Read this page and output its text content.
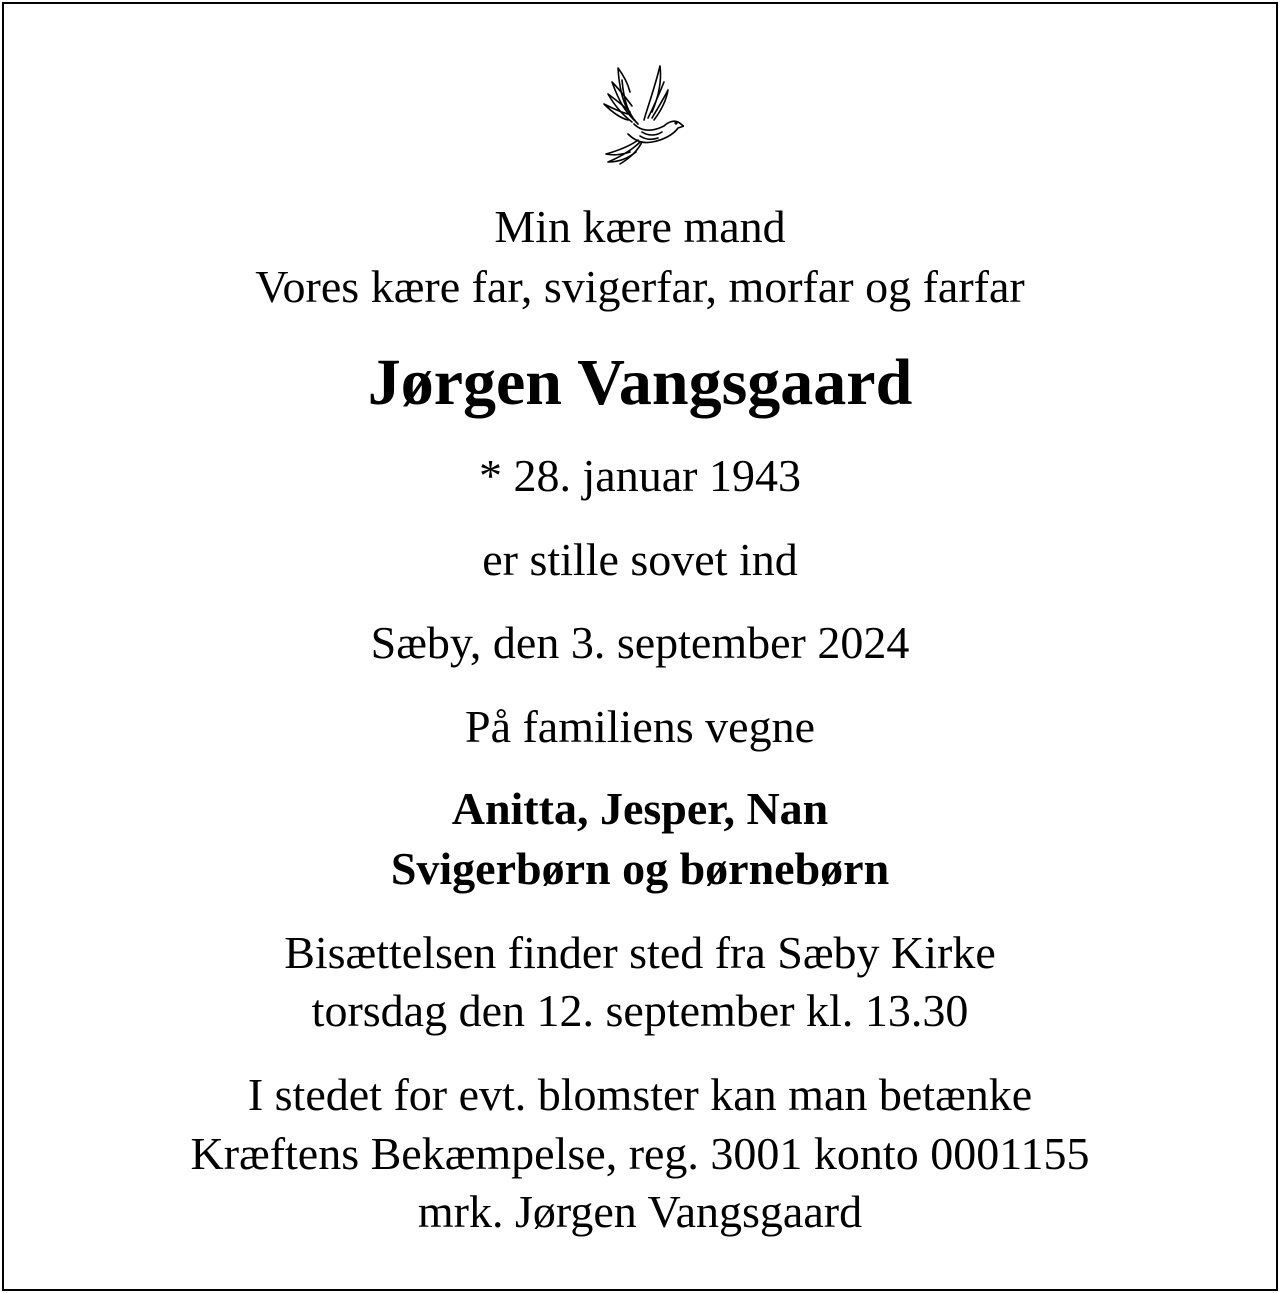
Min kære mand
Vores kære far, svigerfar, morfar og farfar
Jørgen Vangsgaard
* 28. januar 1943
er stille sovet ind
Sæby, den 3. september 2024
På familiens vegne
Anitta, Jesper, Nan
Svigerbørn og børnebørn
Bisættelsen finder sted fra Sæby Kirke
torsdag den 12. september kl. 13.30
I stedet for evt. blomster kan man betænke
Kræftens Bekæmpelse, reg. 3001 konto 0001155
mrk. Jørgen Vangsgaard
